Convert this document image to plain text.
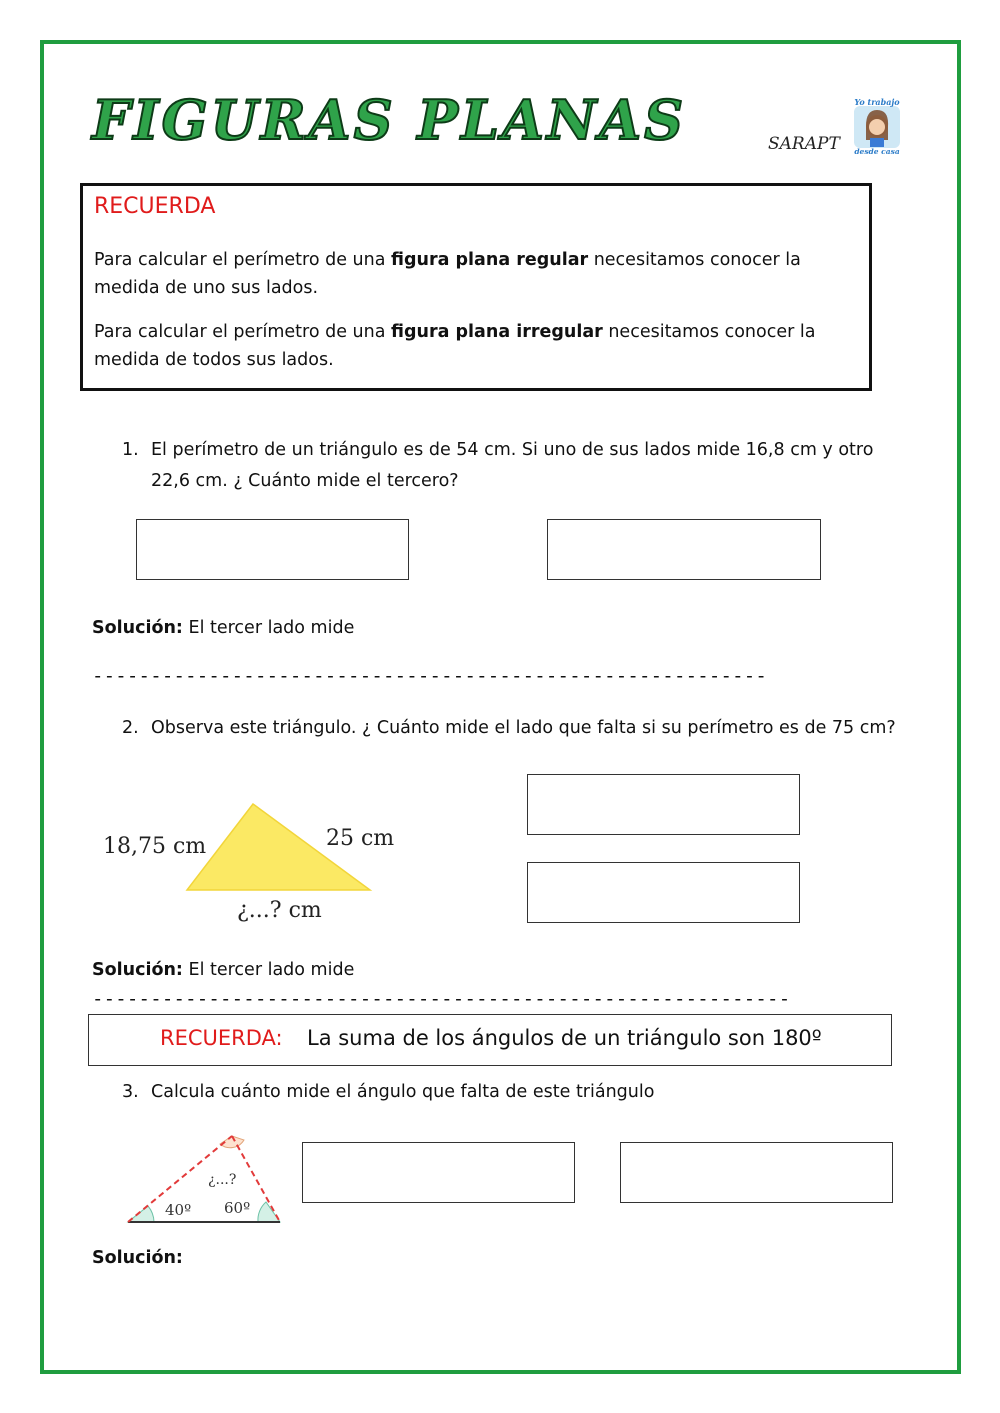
FIGURAS PLANAS	SARAPT
Yo trabajo
desde casa
RECUERDA
Para calcular el perímetro de una figura plana regular necesitamos conocer la medida de uno sus lados.
Para calcular el perímetro de una figura plana irregular necesitamos conocer la medida de todos sus lados.
1. El perímetro de un triángulo es de 54 cm. Si uno de sus lados mide 16,8 cm y otro 22,6 cm. ¿ Cuánto mide el tercero?
Solución: El tercer lado mide
----------------------------------------------------------
2. Observa este triángulo. ¿ Cuánto mide el lado que falta si su perímetro es de 75 cm?
18,75 cm	25 cm
¿...? cm
Solución: El tercer lado mide
------------------------------------------------------------
RECUERDA: La suma de los ángulos de un triángulo son 180º
3. Calcula cuánto mide el ángulo que falta de este triángulo
¿...?
40º 60º
Solución:
